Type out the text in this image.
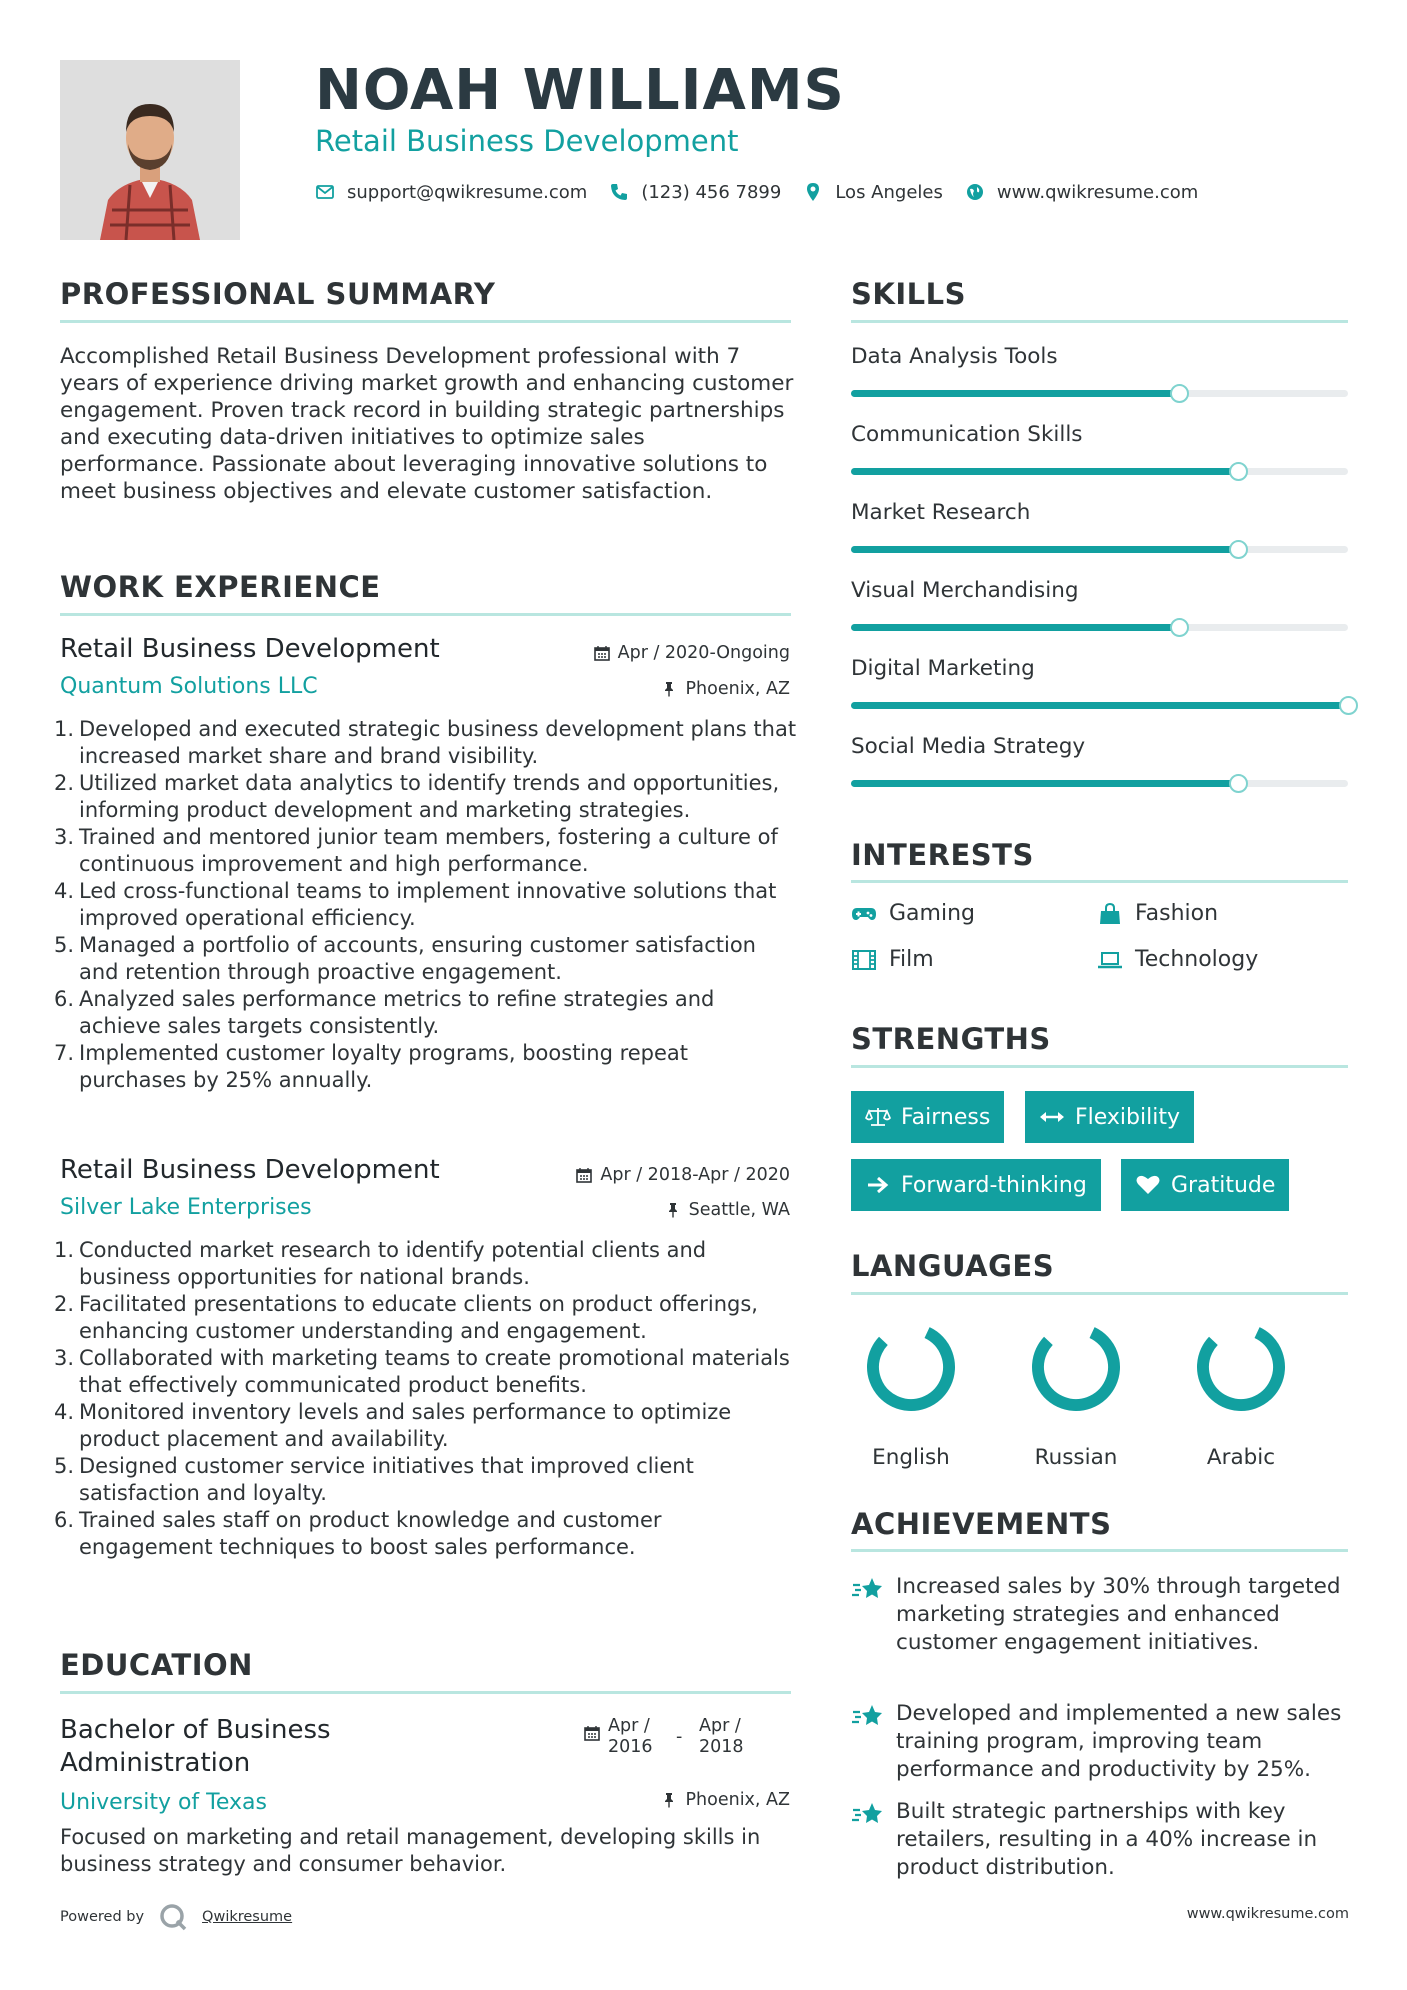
NOAH WILLIAMS
Retail Business Development
support@qwikresume.com	(123) 456 7899	Los Angeles	www.qwikresume.com
PROFESSIONAL SUMMARY
Accomplished Retail Business Development professional with 7 years of experience driving market growth and enhancing customer engagement. Proven track record in building strategic partnerships and executing data-driven initiatives to optimize sales performance. Passionate about leveraging innovative solutions to meet business objectives and elevate customer satisfaction.
WORK EXPERIENCE
Retail Business Development	Apr / 2020-Ongoing
Quantum Solutions LLC	Phoenix, AZ
1. Developed and executed strategic business development plans that increased market share and brand visibility.
2. Utilized market data analytics to identify trends and opportunities, informing product development and marketing strategies.
3. Trained and mentored junior team members, fostering a culture of continuous improvement and high performance.
4. Led cross-functional teams to implement innovative solutions that improved operational efficiency.
5. Managed a portfolio of accounts, ensuring customer satisfaction and retention through proactive engagement.
6. Analyzed sales performance metrics to refine strategies and achieve sales targets consistently.
7. Implemented customer loyalty programs, boosting repeat purchases by 25% annually.
Retail Business Development	Apr / 2018-Apr / 2020
Silver Lake Enterprises	Seattle, WA
1. Conducted market research to identify potential clients and business opportunities for national brands.
2. Facilitated presentations to educate clients on product offerings, enhancing customer understanding and engagement.
3. Collaborated with marketing teams to create promotional materials that effectively communicated product benefits.
4. Monitored inventory levels and sales performance to optimize product placement and availability.
5. Designed customer service initiatives that improved client satisfaction and loyalty.
6. Trained sales staff on product knowledge and customer engagement techniques to boost sales performance.
EDUCATION
Bachelor of Business Administration
Apr / 2016	-
Apr / 2018
University of Texas	Phoenix, AZ
Focused on marketing and retail management, developing skills in business strategy and consumer behavior.
SKILLS
Data Analysis Tools
Communication Skills
Market Research
Visual Merchandising
Digital Marketing
Social Media Strategy
INTERESTS
Gaming	Fashion
Film	Technology
STRENGTHS
Fairness	Flexibility
Forward-thinking	Gratitude
LANGUAGES
English	Russian	Arabic
ACHIEVEMENTS
Increased sales by 30% through targeted marketing strategies and enhanced customer engagement initiatives.
Developed and implemented a new sales training program, improving team performance and productivity by 25%.
Built strategic partnerships with key retailers, resulting in a 40% increase in product distribution.
Powered by	Qwikresume	www.qwikresume.com
